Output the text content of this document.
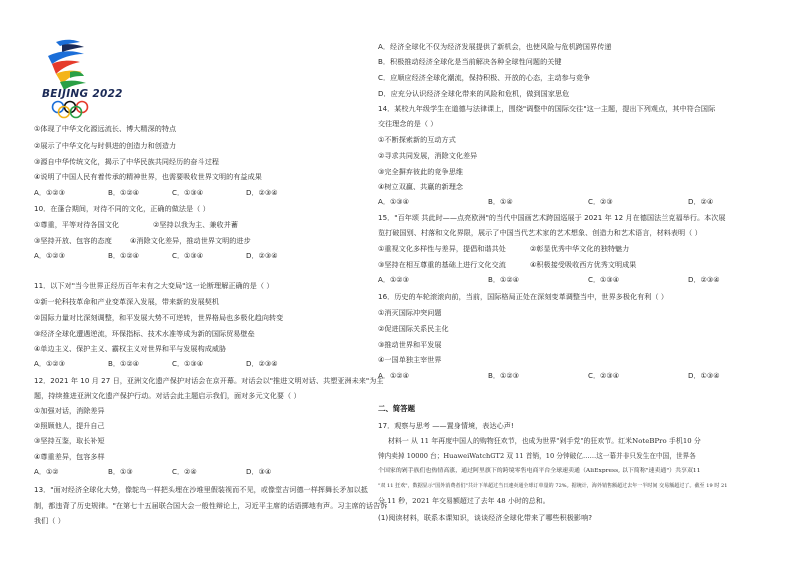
BEIJING 2022
①体现了中华文化源远流长、博大精深的特点
②展示了中华文化与时俱进的创造力和创造力
③源自中华传统文化，揭示了中华民族共同经历的奋斗过程
④说明了中国人民有着传承的精神世界，也需要吸收世界文明的有益成果
A．①②③	B．①②④	C．①③④	D．②③④
10．在蓬合期间，对待不同的文化，正确的做法是（ ）
①尊重，平等对待各国文化	②坚持以我为主、兼收并蓄
③坚持开放、包容的态度	④消除文化差异，推动世界文明的进步
A．①②③	B．①②④	C．①③④	D．②③④
11．以下对"当今世界正经历百年未有之大变局"这一论断理解正确的是（ ）
①新一轮科技革命和产业变革深入发展，带来新的发展契机
②国际力量对比深刻调整，和平发展大势不可逆转，世界格局也多极化趋向转变
③经济全球化遭遇逆流，环保指标、技术水准等成为新的国际贸易壁垒
④单边主义、保护主义、霸权主义对世界和平与发展构成威胁
A．①②③	B．①②④	C．①③④	D．②③④
12．2021 年 10 月 27 日，亚洲文化遗产保护对话会在京开幕。对话会以"推进文明对话、共塑亚洲未来"为主
题，持续推进亚洲文化遗产保护行动。对话会此主题启示我们，面对多元文化要（ ）
①加强对话，消除差异
②照顾他人，提升自己
③坚持互鉴，取长补短
④尊重差异，包容多样
A．①②	B．①③	C．②④	D．③④
13．"面对经济全球化大势，像鸵鸟一样把头埋在沙堆里假装视而不见，或像堂吉诃德一样挥舞长矛加以抵
制，都违背了历史规律。"在第七十五届联合国大会一般性辩论上，习近平主席的话语掷地有声。习主席的话告诉
我们（ ）
A．经济全球化不仅为经济发展提供了新机会，也使风险与危机跨国界传递
B．积极推动经济全球化是当前解决各种全球性问题的关键
C．应顺应经济全球化潮流，保持积极、开放的心态，主动参与竞争
D．应充分认识经济全球化带来的风险和危机，做到国家思危
14．某校九年级学生在道德与法律课上，围绕"调整中的国际交往"这一主题，提出下列观点，其中符合国际
交往理念的是（ ）
①不断探索新的互动方式
②寻求共同发展，消除文化差异
③完全摒弃彼此的竞争思维
④树立双赢、共赢的新理念
A．①③④	B．①④	C．②③	D．②④
15．"百年颂 共此时——点亮欧洲"的当代中国画艺术跨国巡展于 2021 年 12 月在德国法兰克福举行。本次展
览打破国别、村落和文化界限，展示了中国当代艺术家的艺术想象、创造力和艺术语言，材料表明（ ）
①重视文化多样性与差异，提倡和谐共处	②彰显优秀中华文化的独特魅力
③坚持在相互尊重的基础上进行文化交流	④积极接受吸收西方优秀文明成果
A．①②③	B．①②④	C．①③④	D．②③④
16．历史的车轮滚滚向前，当前，国际格局正处在深刻变革调整当中，世界多极化有利（ ）
①消灭国际冲突问题
②促进国际关系民主化
③推动世界和平发展
④一国单独主宰世界
A．①②④	B．①②③	C．②③④	D．①③④
二、简答题
17．观察与思考 ——置身情境，表达心声!
材料一 从 11 年再度中国人的购物狂欢节，也成为世界"剁手党"的狂欢节。红米NoteBPro 手机10 分
钟内卖掉 10000 台；HuaweiWatchGT2 双 11 首销，10 分钟破亿……这一幕并非只发生在中国，世界各
个国家的剁手族们也热情高涨，通过阿里旗下的跨境零售电商平台全球速卖通（AliExpress, 以下简称"速卖通"）共享双11
"双 11 狂欢"，数据显示"国外消费者们"共计下单超过当日速卖通全球订单量的 72%。据统计，海外销售额超过去年一半时间 交易额超过了。截至 19 时 21
分 11 秒，2021 年交易额超过了去年 48 小时的总和。
(1)阅读材料，联系本课知识，谈谈经济全球化带来了哪些积极影响?
